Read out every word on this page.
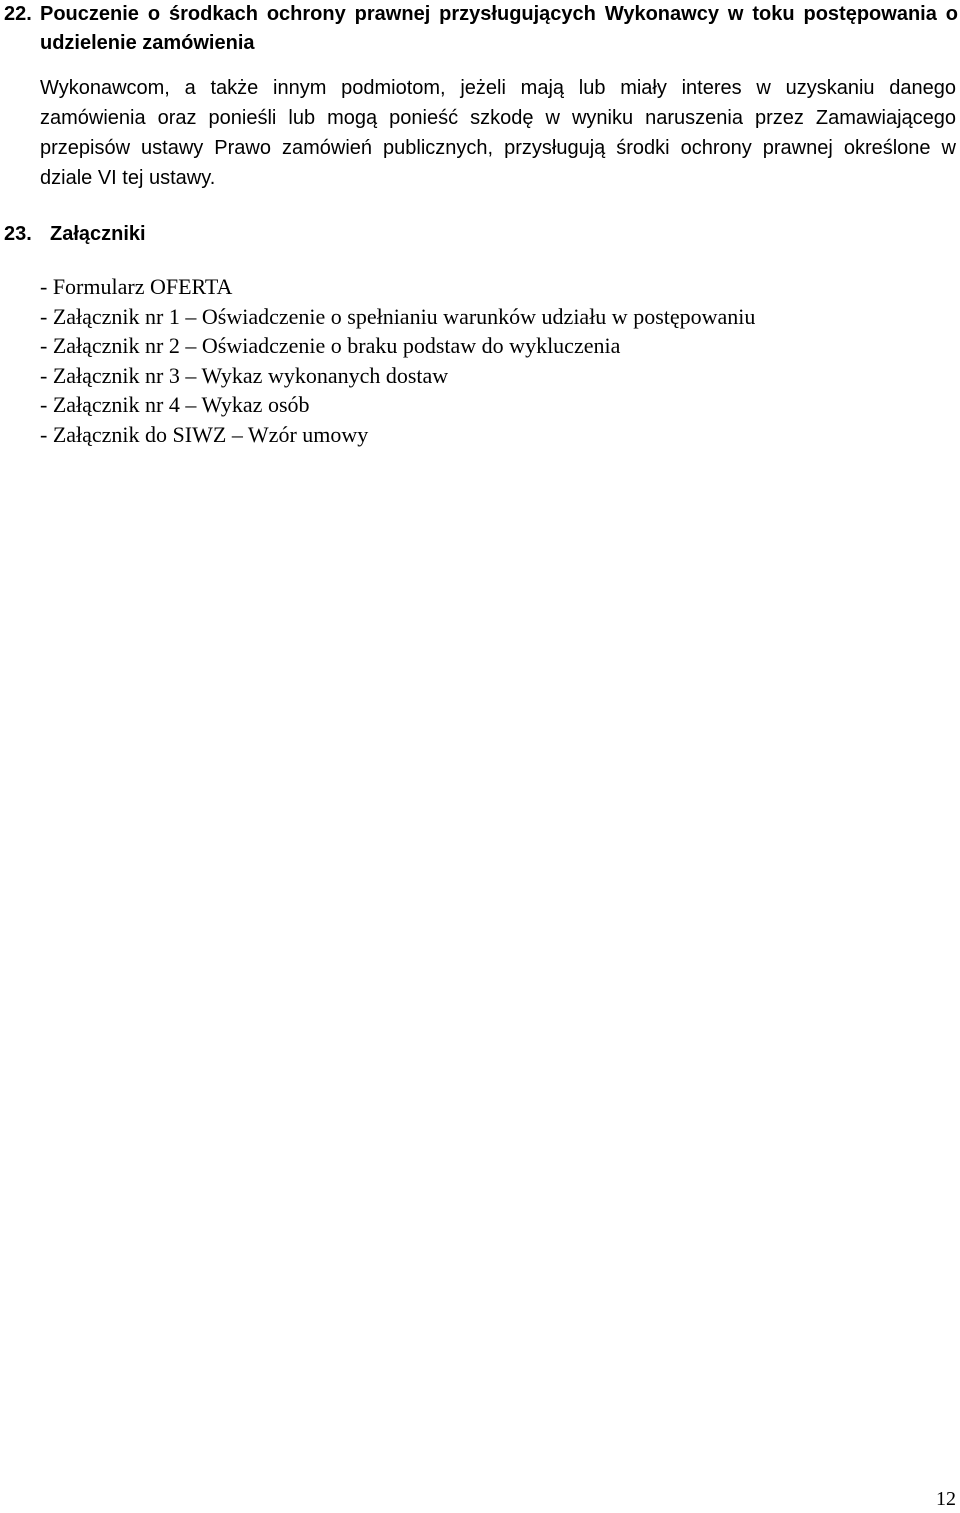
22. Pouczenie o środkach ochrony prawnej przysługujących Wykonawcy w toku postępowania o udzielenie zamówienia
Wykonawcom, a także innym podmiotom, jeżeli mają lub miały interes w uzyskaniu danego zamówienia oraz ponieśli lub mogą ponieść szkodę w wyniku naruszenia przez Zamawiającego przepisów ustawy Prawo zamówień publicznych, przysługują środki ochrony prawnej określone w dziale VI tej ustawy.
23. Załączniki
- Formularz OFERTA
- Załącznik nr 1 – Oświadczenie o spełnianiu warunków udziału w postępowaniu
- Załącznik nr 2 – Oświadczenie o braku podstaw do wykluczenia
- Załącznik nr 3 – Wykaz wykonanych dostaw
- Załącznik nr 4 – Wykaz osób
- Załącznik do SIWZ – Wzór umowy
12
